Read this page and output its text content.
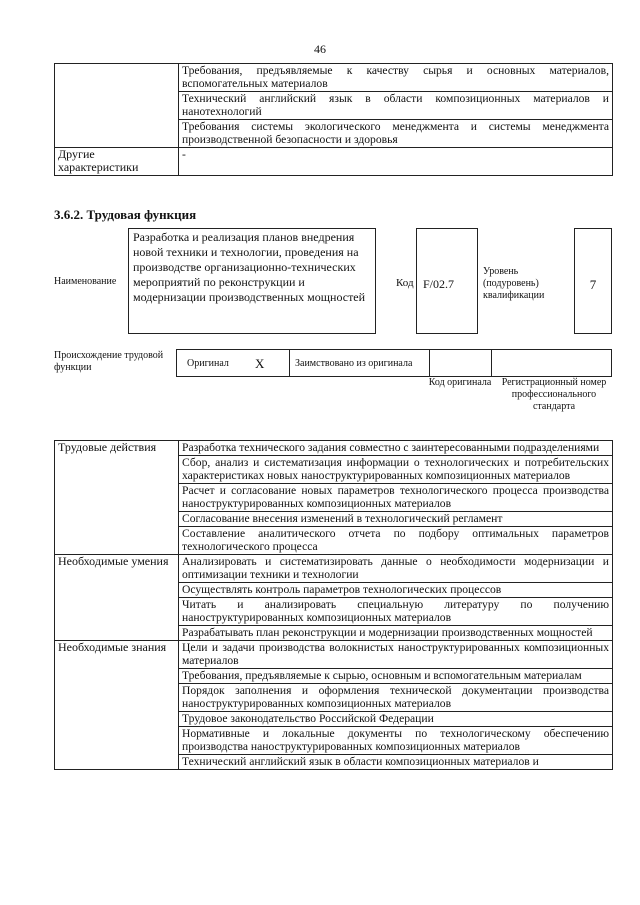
46
	Требования, предъявляемые к качеству сырья и основных материалов, вспомогательных материалов
	Технический английский язык в области композиционных материалов и нанотехнологий
	Требования системы экологического менеджмента и системы менеджмента производственной безопасности и здоровья
Другие характеристики	-
3.6.2. Трудовая функция
Наименование
Разработка и реализация планов внедрения новой техники и технологии, проведения на производстве организационно-технических мероприятий по реконструкции и модернизации производственных мощностей
Код F/02.7
Уровень (подуровень) квалификации
7
Происхождение трудовой функции	Оригинал X	Заимствовано из оригинала
Код оригинала	Регистрационный номер профессионального стандарта
Трудовые действия	Разработка технического задания совместно с заинтересованными подразделениями
	Сбор, анализ и систематизация информации о технологических и потребительских характеристиках новых наноструктурированных композиционных материалов
	Расчет и согласование новых параметров технологического процесса производства наноструктурированных композиционных материалов
	Согласование внесения изменений в технологический регламент
	Составление аналитического отчета по подбору оптимальных параметров технологического процесса
Необходимые умения	Анализировать и систематизировать данные о необходимости модернизации и оптимизации техники и технологии
	Осуществлять контроль параметров технологических процессов
	Читать и анализировать специальную литературу по получению наноструктурированных композиционных материалов
	Разрабатывать план реконструкции и модернизации производственных мощностей
Необходимые знания	Цели и задачи производства волокнистых наноструктурированных композиционных материалов
	Требования, предъявляемые к сырью, основным и вспомогательным материалам
	Порядок заполнения и оформления технической документации производства наноструктурированных композиционных материалов
	Трудовое законодательство Российской Федерации
	Нормативные и локальные документы по технологическому обеспечению производства наноструктурированных композиционных материалов
	Технический английский язык в области композиционных материалов и
